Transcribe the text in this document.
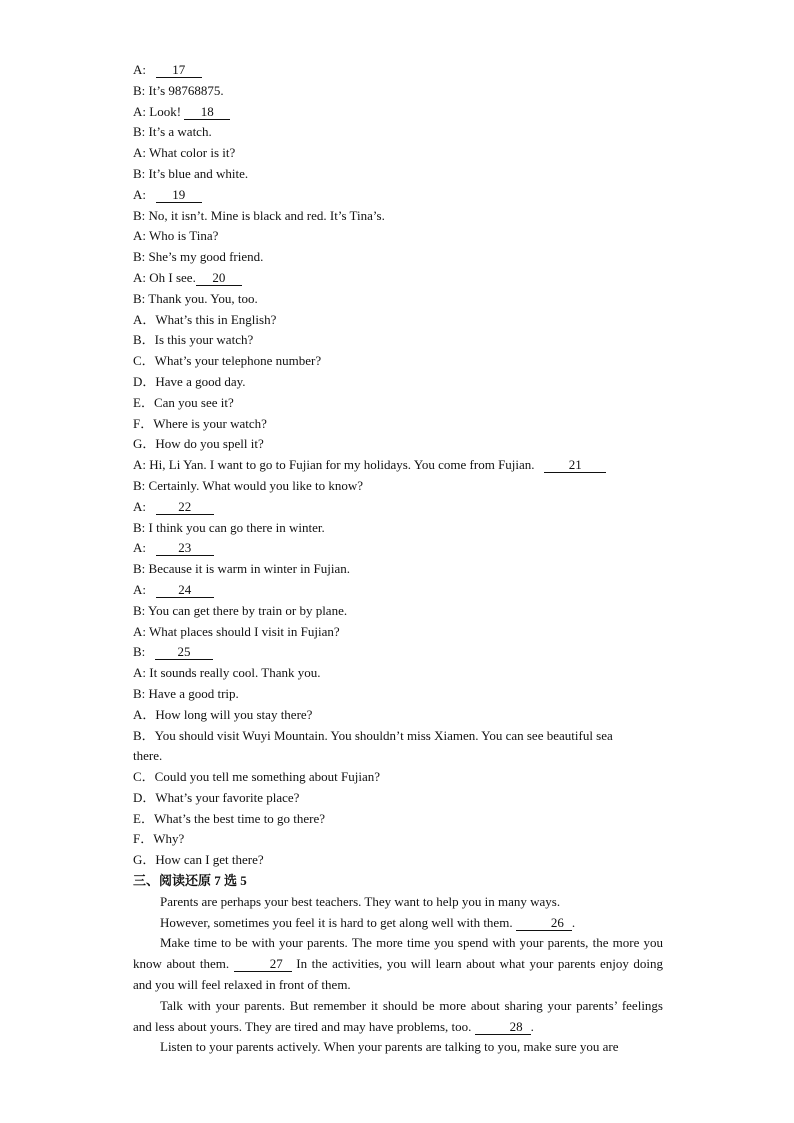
A: 17
B: It’s 98768875.
A: Look! 18
B: It’s a watch.
A: What color is it?
B: It’s blue and white.
A: 19
B: No, it isn’t. Mine is black and red. It’s Tina’s.
A: Who is Tina?
B: She’s my good friend.
A: Oh I see. 20
B: Thank you. You, too.
A．What’s this in English?
B．Is this your watch?
C．What’s your telephone number?
D．Have a good day.
E．Can you see it?
F．Where is your watch?
G．How do you spell it?
A: Hi, Li Yan. I want to go to Fujian for my holidays. You come from Fujian.	21
B: Certainly. What would you like to know?
A: 22
B: I think you can go there in winter.
A: 23
B: Because it is warm in winter in Fujian.
A: 24
B: You can get there by train or by plane.
A: What places should I visit in Fujian?
B: 25
A: It sounds really cool. Thank you.
B: Have a good trip.
A．How long will you stay there?
B．You should visit Wuyi Mountain. You shouldn’t miss Xiamen. You can see beautiful sea
there.
C．Could you tell me something about Fujian?
D．What’s your favorite place?
E．What’s the best time to go there?
F．Why?
G．How can I get there?
三、阅读还原 7 选 5
Parents are perhaps your best teachers. They want to help you in many ways.
However, sometimes you feel it is hard to get along well with them.	26 .
Make time to be with your parents. The more time you spend with your parents, the more you know about them.	27 In the activities, you will learn about what your parents enjoy doing and you will feel relaxed in front of them.
Talk with your parents. But remember it should be more about sharing your parents’ feelings and less about yours. They are tired and may have problems, too.	28 .
Listen to your parents actively. When your parents are talking to you, make sure you are
